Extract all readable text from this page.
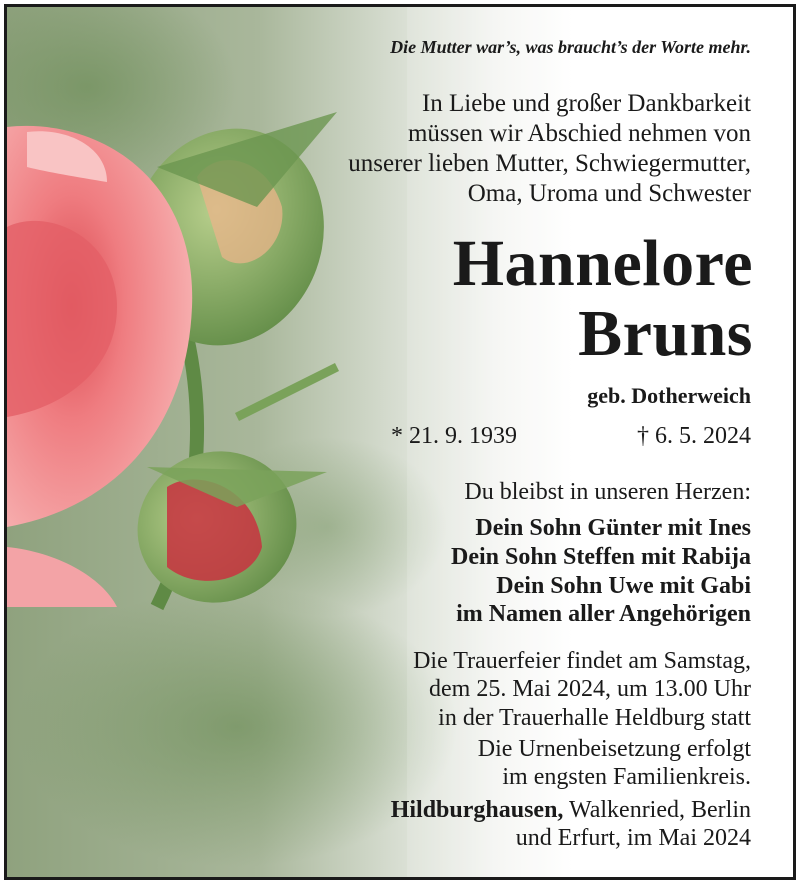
Die Mutter war’s, was braucht’s der Worte mehr.
In Liebe und großer Dankbarkeit
müssen wir Abschied nehmen von
unserer lieben Mutter, Schwiegermutter,
Oma, Uroma und Schwester
Hannelore
Bruns
geb. Dotherweich
* 21. 9. 1939	† 6. 5. 2024
Du bleibst in unseren Herzen:
Dein Sohn Günter mit Ines
Dein Sohn Steffen mit Rabija
Dein Sohn Uwe mit Gabi
im Namen aller Angehörigen
Die Trauerfeier findet am Samstag,
dem 25. Mai 2024, um 13.00 Uhr
in der Trauerhalle Heldburg statt
Die Urnenbeisetzung erfolgt
im engsten Familienkreis.
Hildburghausen, Walkenried, Berlin
und Erfurt, im Mai 2024
